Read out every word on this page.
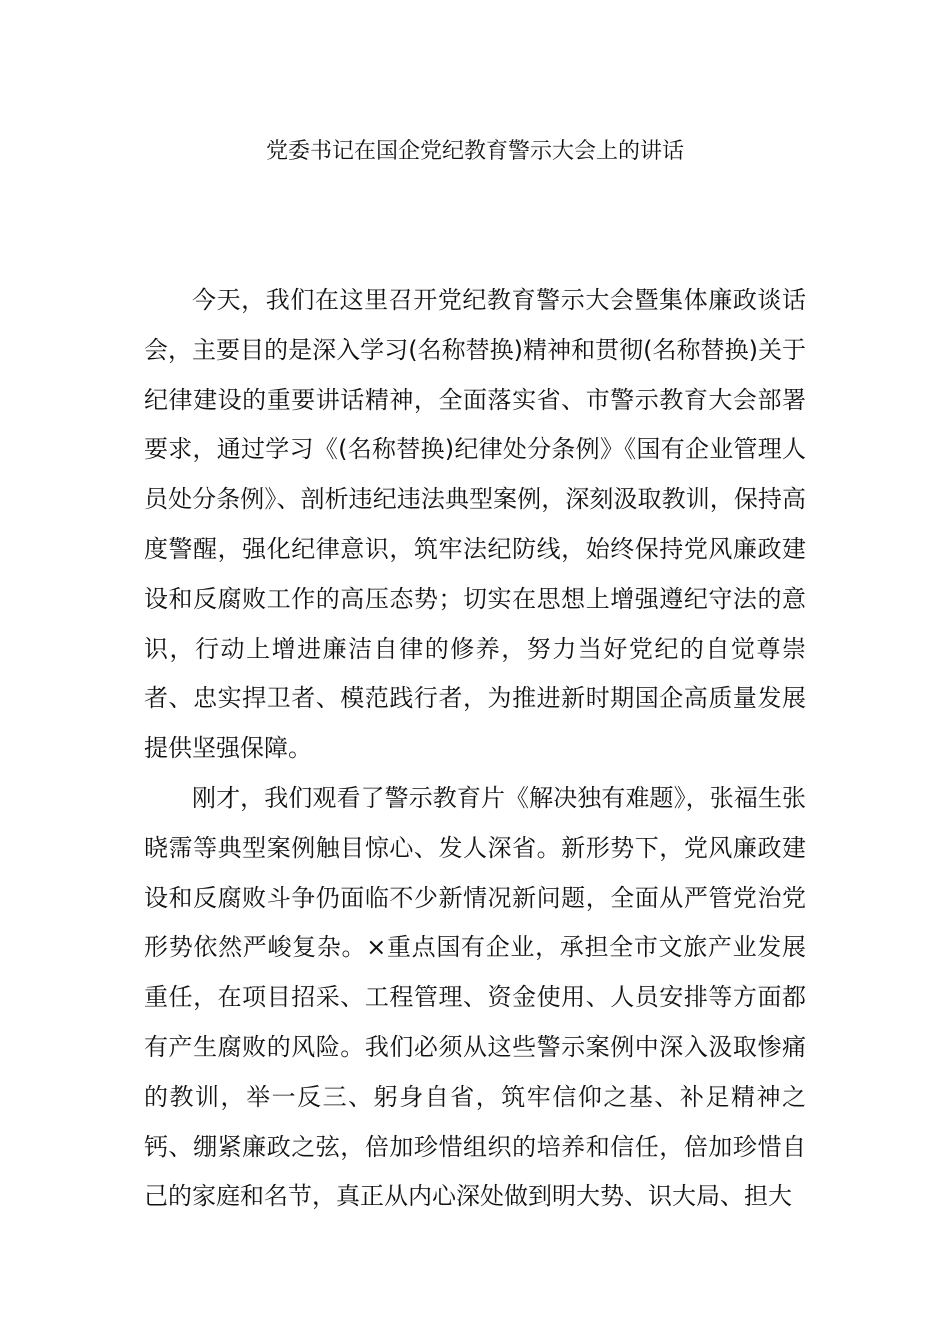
党委书记在国企党纪教育警示大会上的讲话

今天，我们在这里召开党纪教育警示大会暨集体廉政谈话会，主要目的是深入学习(名称替换)精神和贯彻(名称替换)关于纪律建设的重要讲话精神，全面落实省、市警示教育大会部署要求，通过学习《(名称替换)纪律处分条例》《国有企业管理人员处分条例》、剖析违纪违法典型案例，深刻汲取教训，保持高度警醒，强化纪律意识，筑牢法纪防线，始终保持党风廉政建设和反腐败工作的高压态势；切实在思想上增强遵纪守法的意识，行动上增进廉洁自律的修养，努力当好党纪的自觉尊崇者、忠实捍卫者、模范践行者，为推进新时期国企高质量发展提供坚强保障。

刚才，我们观看了警示教育片《解决独有难题》，张福生张晓霈等典型案例触目惊心、发人深省。新形势下，党风廉政建设和反腐败斗争仍面临不少新情况新问题，全面从严管党治党形势依然严峻复杂。×重点国有企业，承担全市文旅产业发展重任，在项目招采、工程管理、资金使用、人员安排等方面都有产生腐败的风险。我们必须从这些警示案例中深入汲取惨痛的教训，举一反三、躬身自省，筑牢信仰之基、补足精神之钙、绷紧廉政之弦，倍加珍惜组织的培养和信任，倍加珍惜自己的家庭和名节，真正从内心深处做到明大势、识大局、担大
